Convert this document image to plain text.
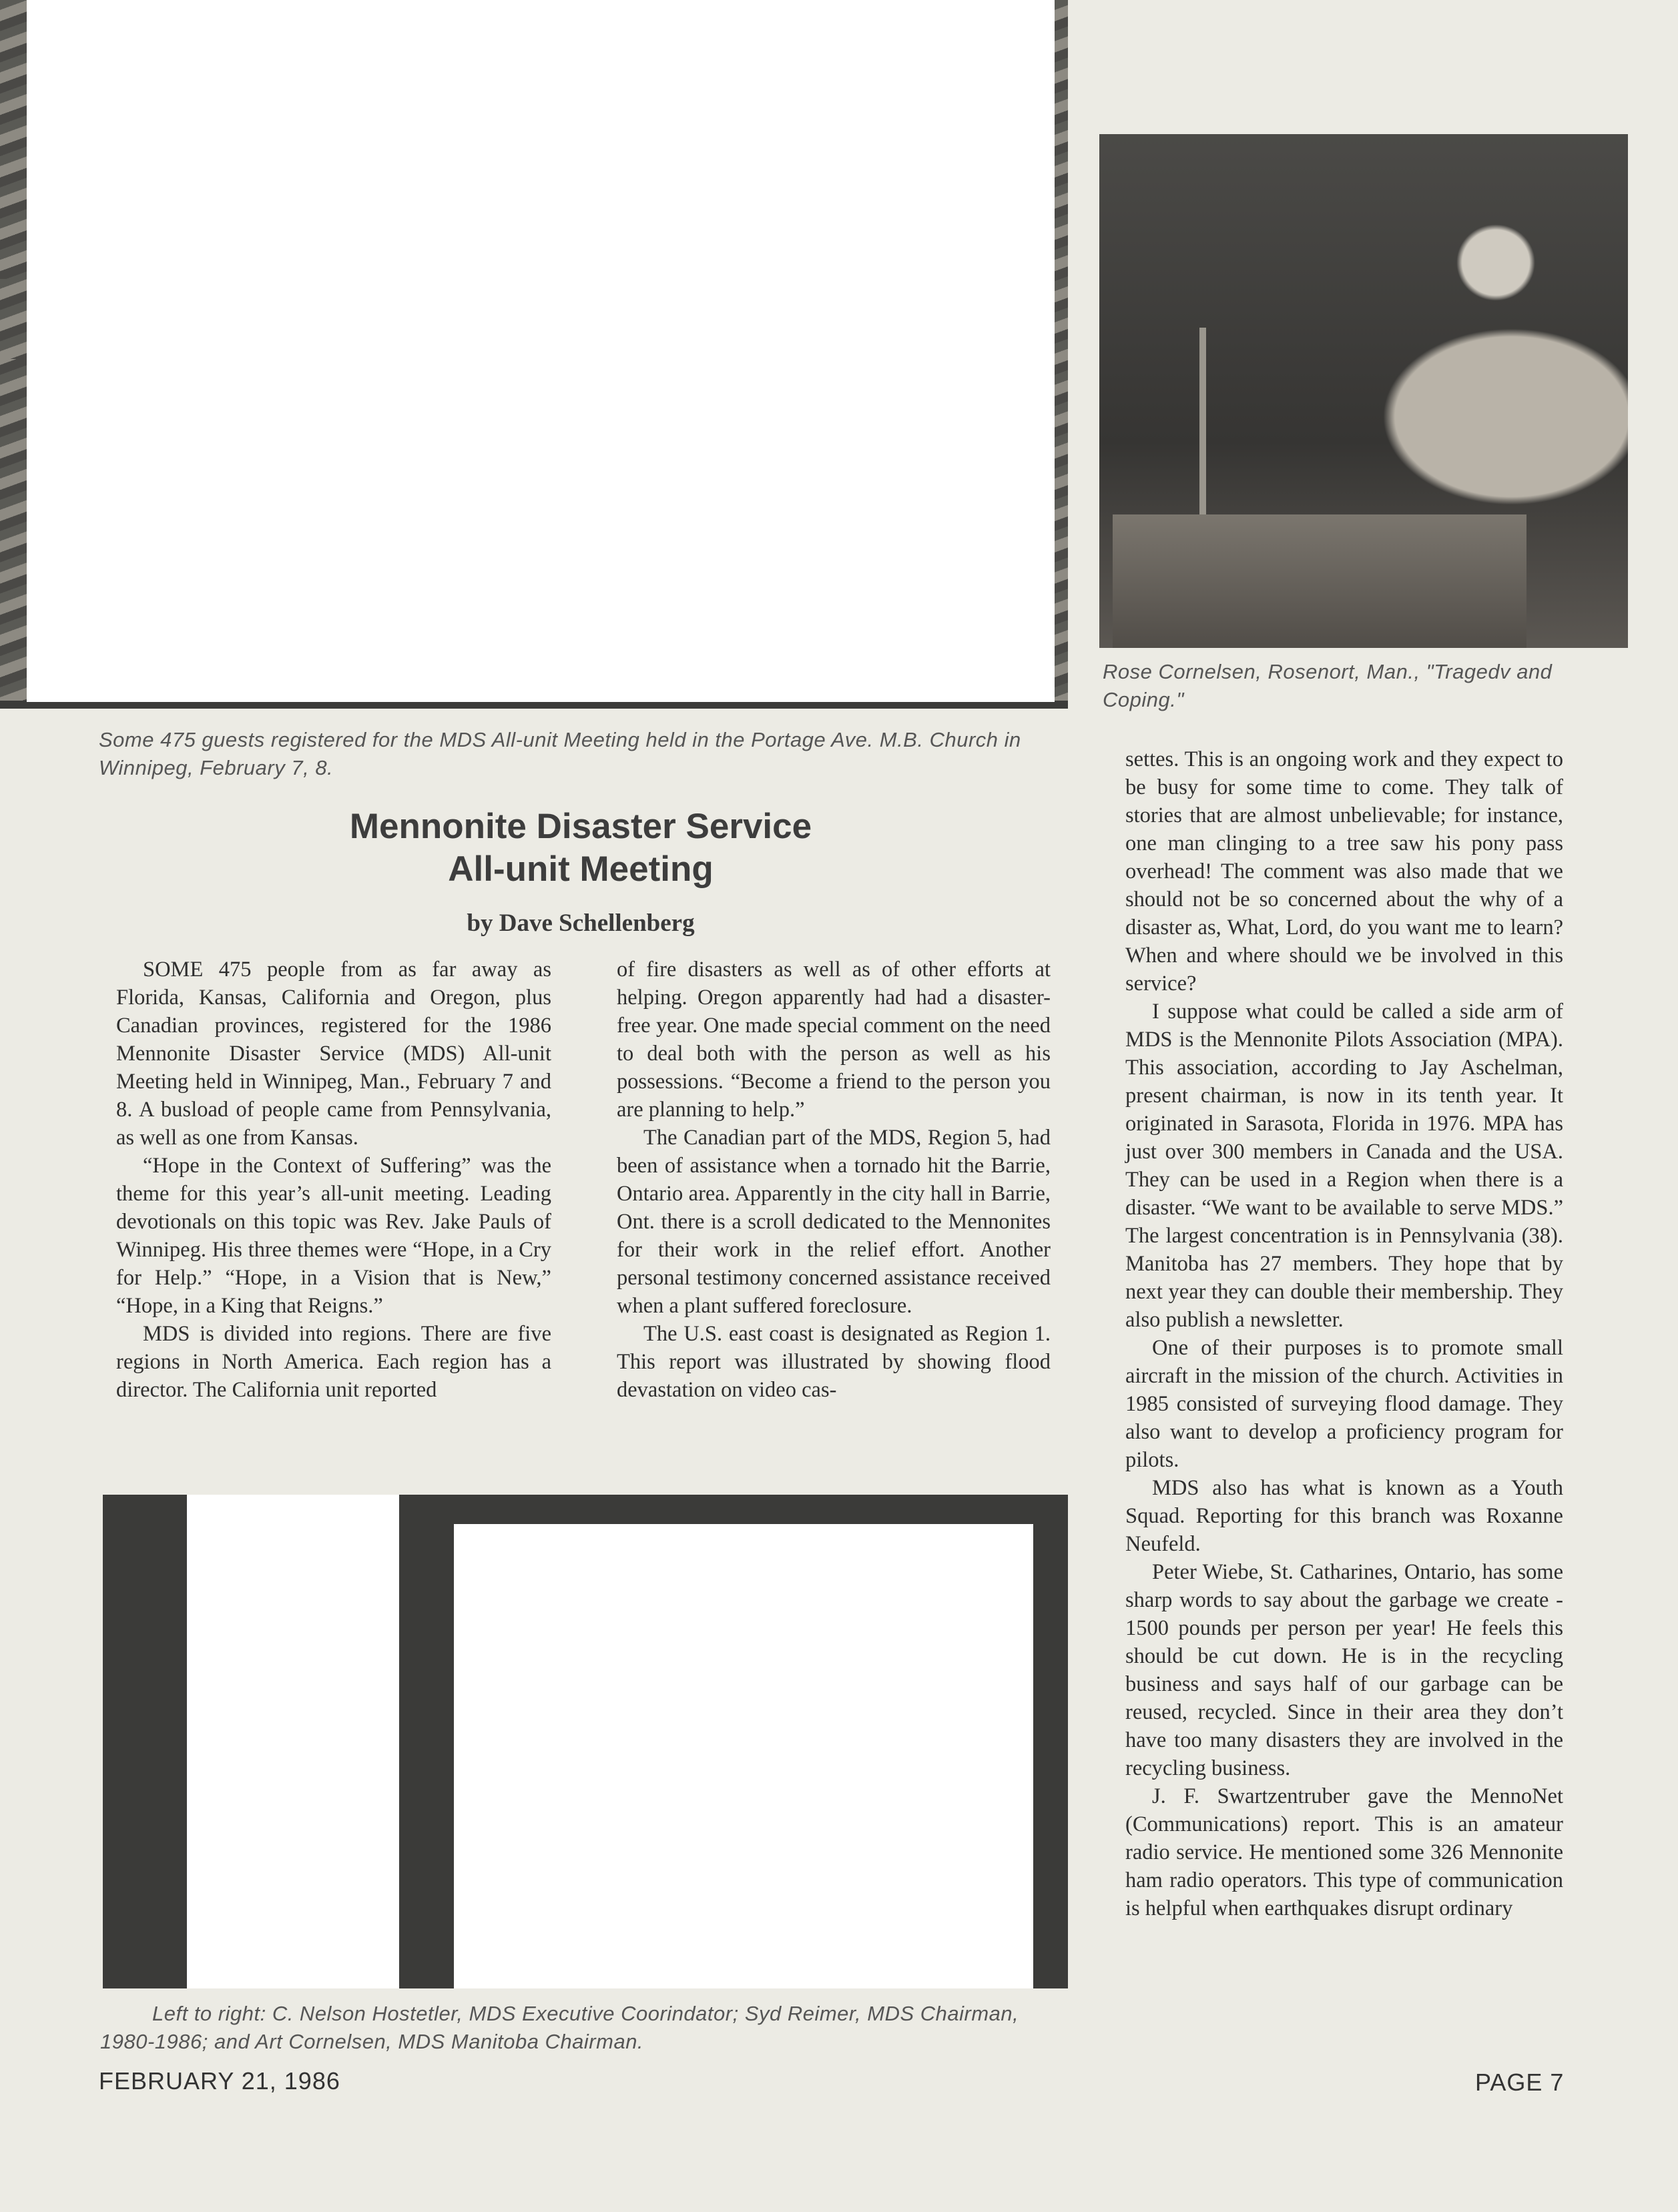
Some 475 guests registered for the MDS All-unit Meeting held in the Portage Ave. M.B. Church in Winnipeg, February 7, 8.
Rose Cornelsen, Rosenort, Man., "Tragedv and Coping."
Mennonite Disaster Service
All-unit Meeting
by Dave Schellenberg

SOME 475 people from as far away as Florida, Kansas, California and Oregon, plus Canadian provinces, registered for the 1986 Mennonite Disaster Service (MDS) All-unit Meeting held in Winnipeg, Man., February 7 and 8. A busload of people came from Pennsylvania, as well as one from Kansas.

“Hope in the Context of Suffering” was the theme for this year’s all-unit meeting. Leading devotionals on this topic was Rev. Jake Pauls of Winnipeg. His three themes were “Hope, in a Cry for Help.” “Hope, in a Vision that is New,” “Hope, in a King that Reigns.”

MDS is divided into regions. There are five regions in North America. Each region has a director. The California unit reported

of fire disasters as well as of other efforts at helping. Oregon apparently had had a disaster-free year. One made special comment on the need to deal both with the person as well as his possessions. “Become a friend to the person you are planning to help.”

The Canadian part of the MDS, Region 5, had been of assistance when a tornado hit the Barrie, Ontario area. Apparently in the city hall in Barrie, Ont. there is a scroll dedicated to the Mennonites for their work in the relief effort. Another personal testimony concerned assistance received when a plant suffered foreclosure.

The U.S. east coast is designated as Region 1. This report was illustrated by showing flood devastation on video cas-

settes. This is an ongoing work and they expect to be busy for some time to come. They talk of stories that are almost unbelievable; for instance, one man clinging to a tree saw his pony pass overhead! The comment was also made that we should not be so concerned about the why of a disaster as, What, Lord, do you want me to learn? When and where should we be involved in this service?

I suppose what could be called a side arm of MDS is the Mennonite Pilots Association (MPA). This association, according to Jay Aschelman, present chairman, is now in its tenth year. It originated in Sarasota, Florida in 1976. MPA has just over 300 members in Canada and the USA. They can be used in a Region when there is a disaster. “We want to be available to serve MDS.” The largest concentration is in Pennsylvania (38). Manitoba has 27 members. They hope that by next year they can double their membership. They also publish a newsletter.

One of their purposes is to promote small aircraft in the mission of the church. Activities in 1985 consisted of surveying flood damage. They also want to develop a proficiency program for pilots.

MDS also has what is known as a Youth Squad. Reporting for this branch was Roxanne Neufeld.

Peter Wiebe, St. Catharines, Ontario, has some sharp words to say about the garbage we create - 1500 pounds per person per year! He feels this should be cut down. He is in the recycling business and says half of our garbage can be reused, recycled. Since in their area they don’t have too many disasters they are involved in the recycling business.

J. F. Swartzentruber gave the MennoNet (Communications) report. This is an amateur radio service. He mentioned some 326 Mennonite ham radio operators. This type of communication is helpful when earthquakes disrupt ordinary

Left to right: C. Nelson Hostetler, MDS Executive Coorindator; Syd Reimer, MDS Chairman, 1980-1986; and Art Cornelsen, MDS Manitoba Chairman.
FEBRUARY 21, 1986	PAGE 7
